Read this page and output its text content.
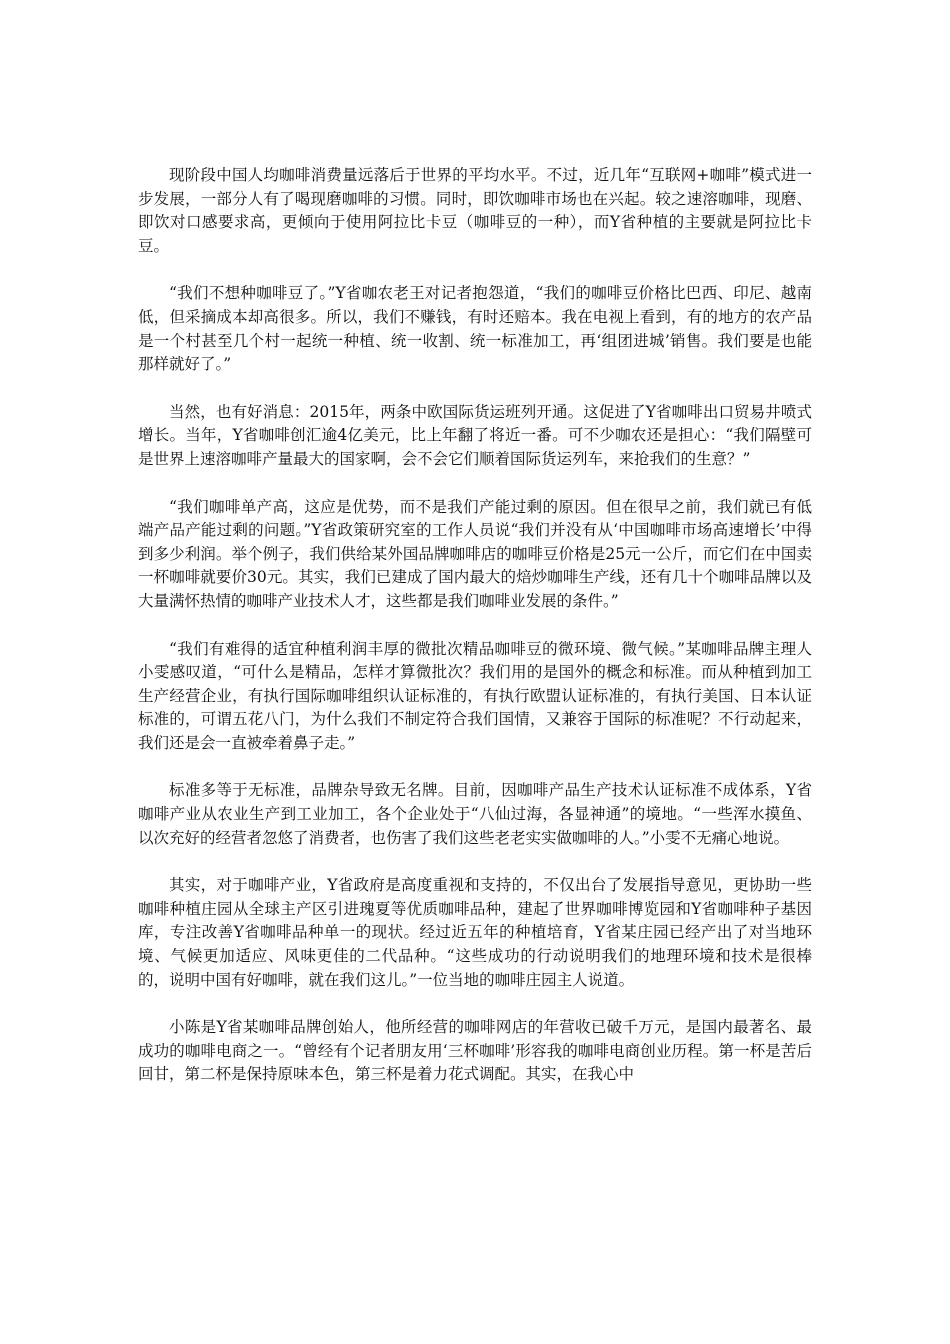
现阶段中国人均咖啡消费量远落后于世界的平均水平。不过，近几年“互联网+咖啡”模式进一步发展，一部分人有了喝现磨咖啡的习惯。同时，即饮咖啡市场也在兴起。较之速溶咖啡，现磨、即饮对口感要求高，更倾向于使用阿拉比卡豆（咖啡豆的一种），而Y省种植的主要就是阿拉比卡豆。

“我们不想种咖啡豆了。”Y省咖农老王对记者抱怨道，“我们的咖啡豆价格比巴西、印尼、越南低，但采摘成本却高很多。所以，我们不赚钱，有时还赔本。我在电视上看到，有的地方的农产品是一个村甚至几个村一起统一种植、统一收割、统一标准加工，再‘组团进城’销售。我们要是也能那样就好了。”

当然，也有好消息：2015年，两条中欧国际货运班列开通。这促进了Y省咖啡出口贸易井喷式增长。当年，Y省咖啡创汇逾4亿美元，比上年翻了将近一番。可不少咖农还是担心：“我们隔壁可是世界上速溶咖啡产量最大的国家啊，会不会它们顺着国际货运列车，来抢我们的生意？”

“我们咖啡单产高，这应是优势，而不是我们产能过剩的原因。但在很早之前，我们就已有低端产品产能过剩的问题。”Y省政策研究室的工作人员说“我们并没有从‘中国咖啡市场高速增长’中得到多少利润。举个例子，我们供给某外国品牌咖啡店的咖啡豆价格是25元一公斤，而它们在中国卖一杯咖啡就要价30元。其实，我们已建成了国内最大的焙炒咖啡生产线，还有几十个咖啡品牌以及大量满怀热情的咖啡产业技术人才，这些都是我们咖啡业发展的条件。”

“我们有难得的适宜种植利润丰厚的微批次精品咖啡豆的微环境、微气候。”某咖啡品牌主理人小雯感叹道，“可什么是精品，怎样才算微批次？我们用的是国外的概念和标准。而从种植到加工生产经营企业，有执行国际咖啡组织认证标准的，有执行欧盟认证标准的，有执行美国、日本认证标准的，可谓五花八门，为什么我们不制定符合我们国情，又兼容于国际的标准呢？不行动起来，我们还是会一直被牵着鼻子走。”

标准多等于无标准，品牌杂导致无名牌。目前，因咖啡产品生产技术认证标准不成体系，Y省咖啡产业从农业生产到工业加工，各个企业处于“八仙过海，各显神通”的境地。“一些浑水摸鱼、以次充好的经营者忽悠了消费者，也伤害了我们这些老老实实做咖啡的人。”小雯不无痛心地说。

其实，对于咖啡产业，Y省政府是高度重视和支持的，不仅出台了发展指导意见，更协助一些咖啡种植庄园从全球主产区引进瑰夏等优质咖啡品种，建起了世界咖啡博览园和Y省咖啡种子基因库，专注改善Y省咖啡品种单一的现状。经过近五年的种植培育，Y省某庄园已经产出了对当地环境、气候更加适应、风味更佳的二代品种。“这些成功的行动说明我们的地理环境和技术是很棒的，说明中国有好咖啡，就在我们这儿。”一位当地的咖啡庄园主人说道。

小陈是Y省某咖啡品牌创始人，他所经营的咖啡网店的年营收已破千万元，是国内最著名、最成功的咖啡电商之一。“曾经有个记者朋友用‘三杯咖啡’形容我的咖啡电商创业历程。第一杯是苦后回甘，第二杯是保持原味本色，第三杯是着力花式调配。其实，在我心中
